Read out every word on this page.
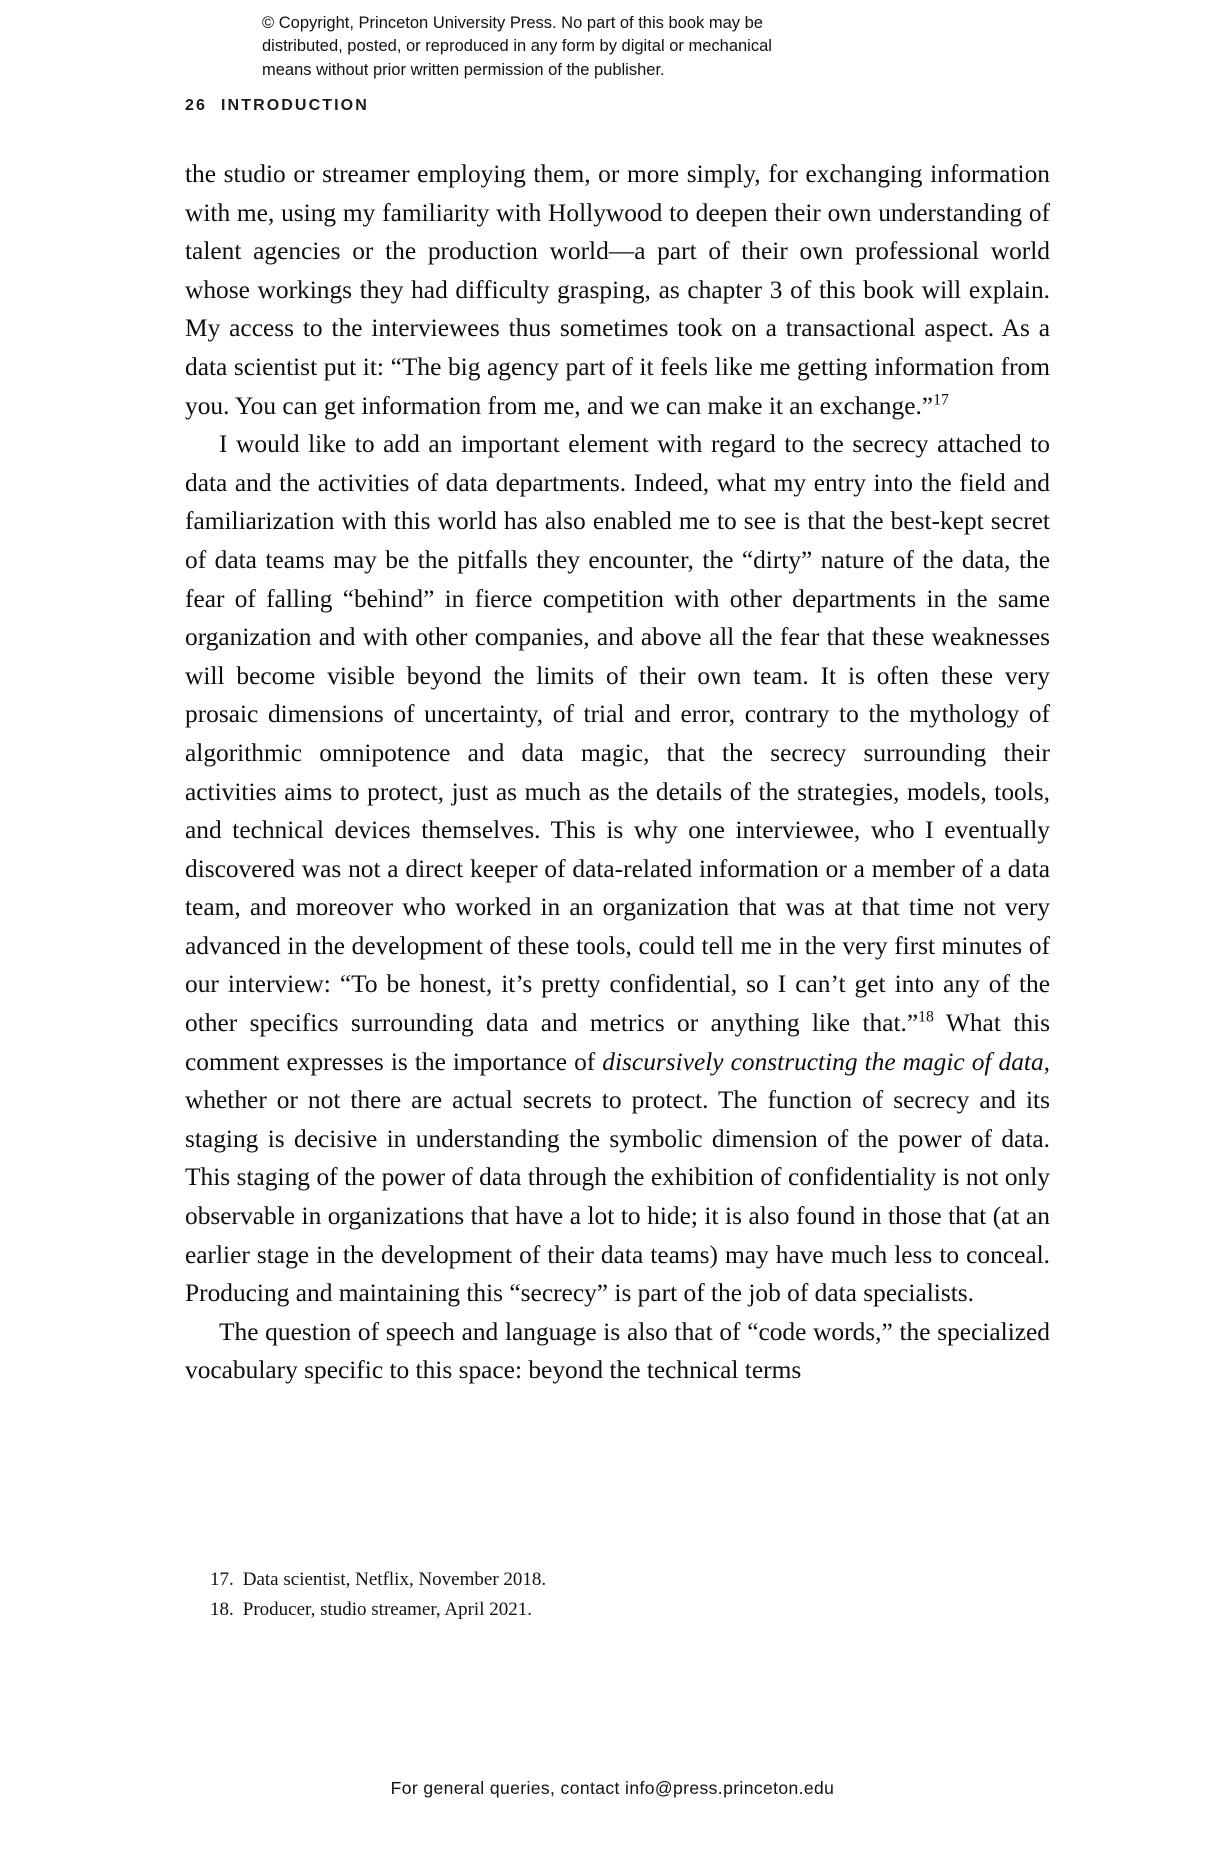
© Copyright, Princeton University Press. No part of this book may be
distributed, posted, or reproduced in any form by digital or mechanical
means without prior written permission of the publisher.
26 INTRODUCTION

the studio or streamer employing them, or more simply, for exchanging information with me, using my familiarity with Hollywood to deepen their own understanding of talent agencies or the production world—a part of their own professional world whose workings they had difficulty grasping, as chapter 3 of this book will explain. My access to the interviewees thus sometimes took on a transactional aspect. As a data scientist put it: “The big agency part of it feels like me getting information from you. You can get information from me, and we can make it an exchange.”$^{17}$

I would like to add an important element with regard to the secrecy attached to data and the activities of data departments. Indeed, what my entry into the field and familiarization with this world has also enabled me to see is that the best-kept secret of data teams may be the pitfalls they encounter, the “dirty” nature of the data, the fear of falling “behind” in fierce competition with other departments in the same organization and with other companies, and above all the fear that these weaknesses will become visible beyond the limits of their own team. It is often these very prosaic dimensions of uncertainty, of trial and error, contrary to the mythology of algorithmic omnipotence and data magic, that the secrecy surrounding their activities aims to protect, just as much as the details of the strategies, models, tools, and technical devices themselves. This is why one interviewee, who I eventually discovered was not a direct keeper of data-related information or a member of a data team, and moreover who worked in an organization that was at that time not very advanced in the development of these tools, could tell me in the very first minutes of our interview: “To be honest, it’s pretty confidential, so I can’t get into any of the other specifics surrounding data and metrics or anything like that.”$^{18}$ What this comment expresses is the importance of discursively constructing the magic of data, whether or not there are actual secrets to protect. The function of secrecy and its staging is decisive in understanding the symbolic dimension of the power of data. This staging of the power of data through the exhibition of confidentiality is not only observable in organizations that have a lot to hide; it is also found in those that (at an earlier stage in the development of their data teams) may have much less to conceal. Producing and maintaining this “secrecy” is part of the job of data specialists.

The question of speech and language is also that of “code words,” the specialized vocabulary specific to this space: beyond the technical terms

17. Data scientist, Netflix, November 2018.
18. Producer, studio streamer, April 2021.
For general queries, contact info@press.princeton.edu
